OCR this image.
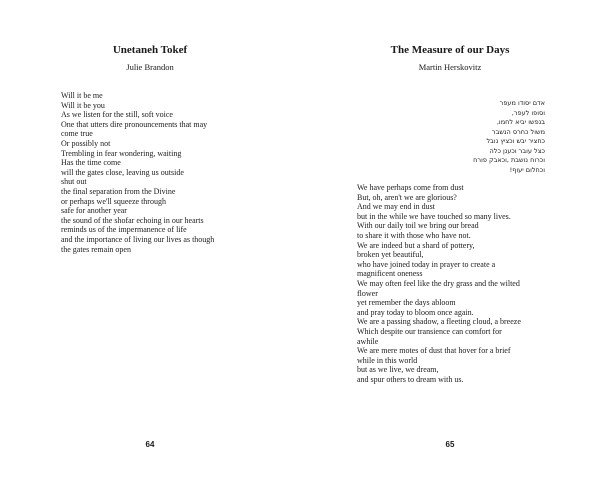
Unetaneh Tokef
Julie Brandon
Will it be me
Will it be you
As we listen for the still, soft voice
One that utters dire pronouncements that may
come true
Or possibly not
Trembling in fear wondering, waiting
Has the time come
will the gates close, leaving us outside
shut out
the final separation from the Divine
or perhaps we'll squeeze through
safe for another year
the sound of the shofar echoing in our hearts
reminds us of the impermanence of life
and the importance of living our lives as though
the gates remain open
64
The Measure of our Days
Martin Herskovitz
אדם יסודו מעפר
וסופו לעפר,
בנפשו יביא לחמו,
משול כחרס הנשבר
כחציר יבש וכציץ נובל
כצל עובר וכענן כלה
וכרוח נושבת ,וכאבק פורח
וכחלום יעוף!
We have perhaps come from dust
But, oh, aren't we are glorious?
And we may end in dust
but in the while we have touched so many lives.
With our daily toil we bring our bread
to share it with those who have not.
We are indeed but a shard of pottery,
broken yet beautiful,
who have joined today in prayer to create a
magnificent oneness
We may often feel like the dry grass and the wilted
flower
yet remember the days abloom
and pray today to bloom once again.
We are a passing shadow, a fleeting cloud, a breeze
Which despite our transience can comfort for
awhile
We are mere motes of dust that hover for a brief
while in this world
but as we live, we dream,
and spur others to dream with us.
65
